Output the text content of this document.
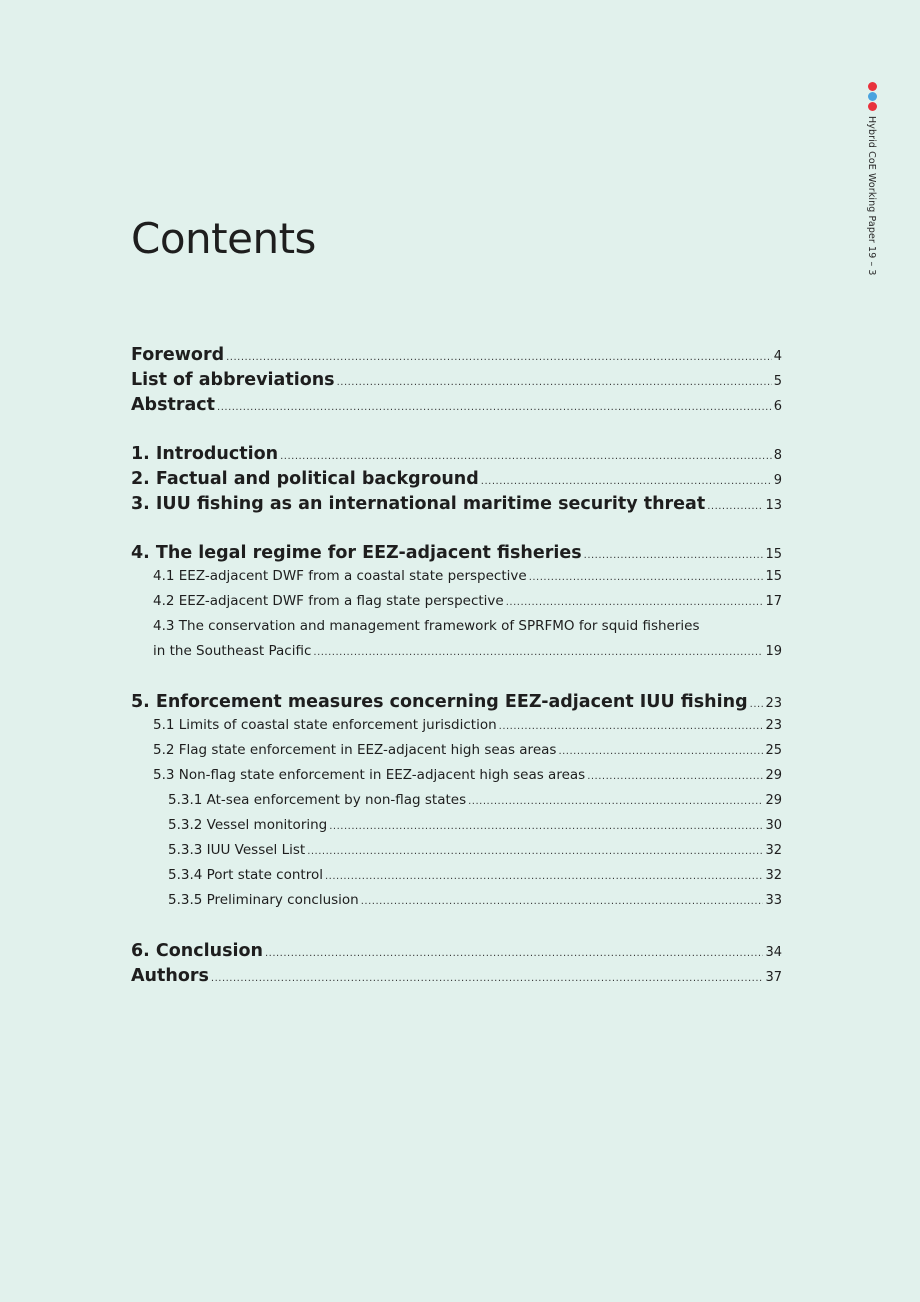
Hybrid CoE Working Paper 19 – 3
Contents
Foreword .....	4
List of abbreviations .....	5
Abstract .....	6
1. Introduction .....	8
2. Factual and political background .....	9
3. IUU fishing as an international maritime security threat .....	13
4. The legal regime for EEZ-adjacent fisheries .....	15
4.1 EEZ-adjacent DWF from a coastal state perspective .....	15
4.2 EEZ-adjacent DWF from a flag state perspective .....	17
4.3 The conservation and management framework of SPRFMO for squid fisheries
in the Southeast Pacific .....	19
5. Enforcement measures concerning EEZ-adjacent IUU fishing ..... 23
5.1 Limits of coastal state enforcement jurisdiction .....	23
5.2 Flag state enforcement in EEZ-adjacent high seas areas .....	25
5.3 Non-flag state enforcement in EEZ-adjacent high seas areas .....	29
5.3.1 At-sea enforcement by non-flag states .....	29
5.3.2 Vessel monitoring .....	30
5.3.3 IUU Vessel List .....	32
5.3.4 Port state control .....	32
5.3.5 Preliminary conclusion .....	33
6. Conclusion .....	34
Authors .....	37
